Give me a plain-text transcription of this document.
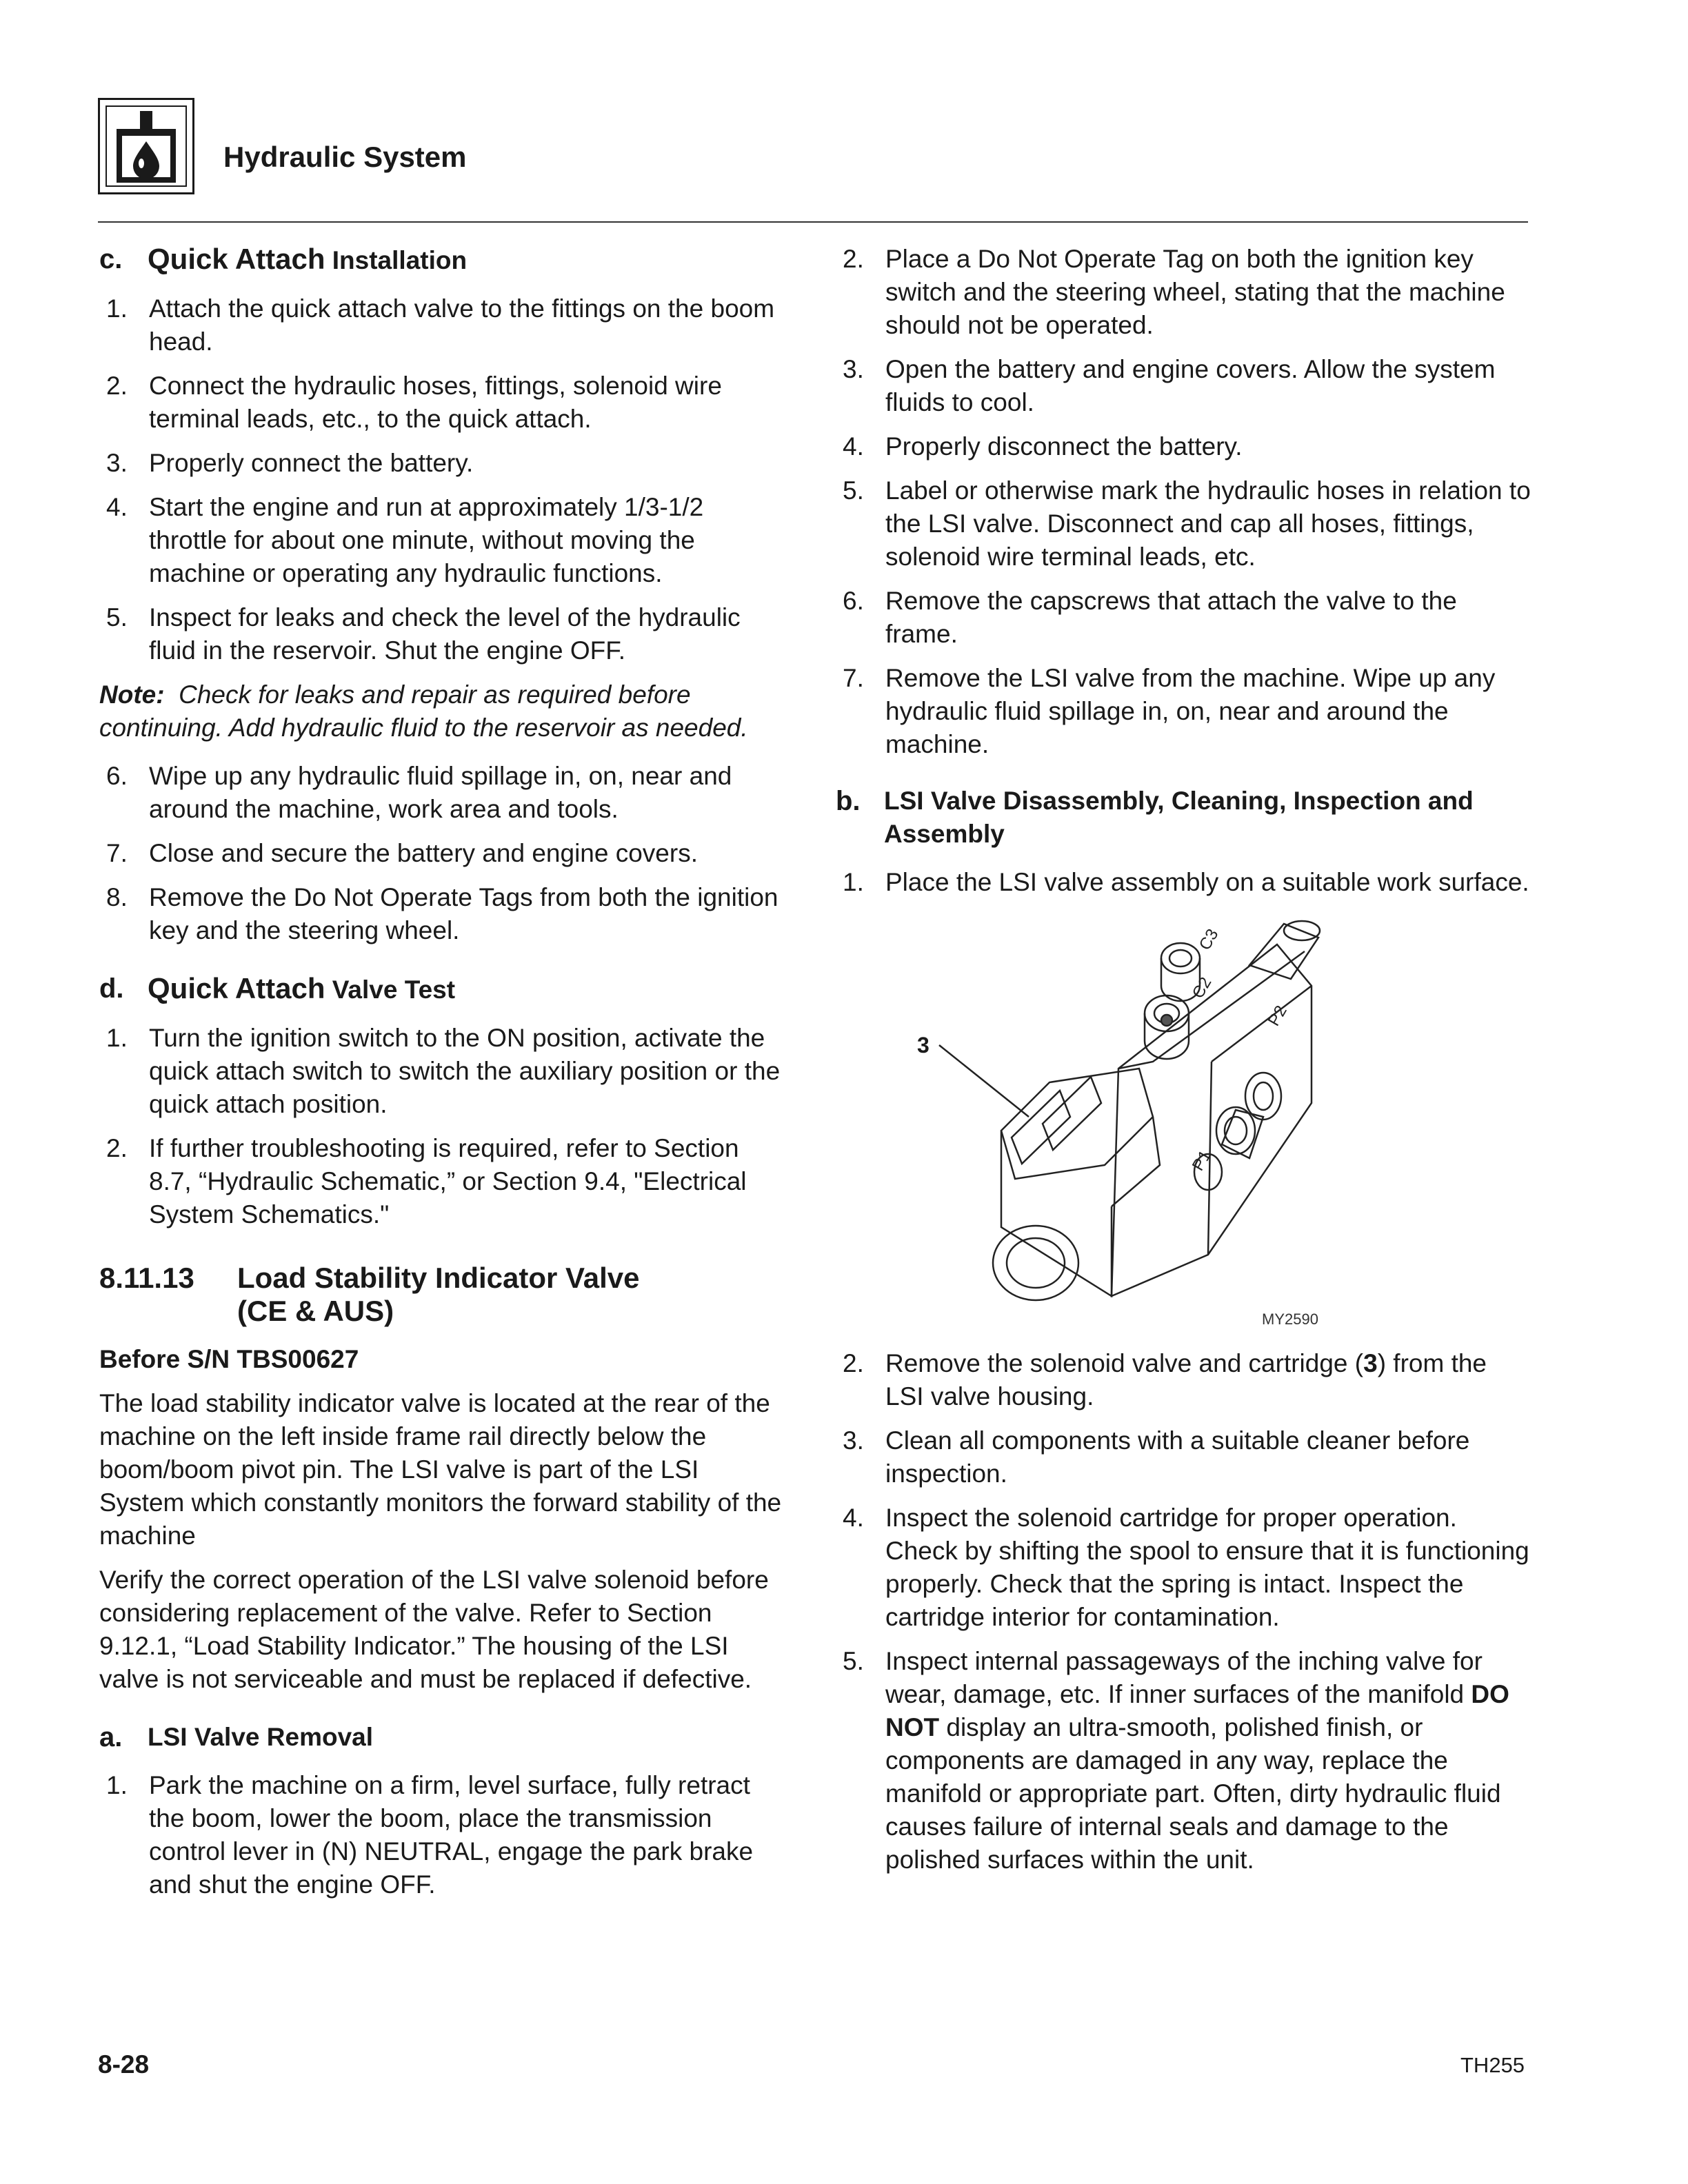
Hydraulic System
c. Quick Attach Installation
1. Attach the quick attach valve to the fittings on the boom head.
2. Connect the hydraulic hoses, fittings, solenoid wire terminal leads, etc., to the quick attach.
3. Properly connect the battery.
4. Start the engine and run at approximately 1/3-1/2 throttle for about one minute, without moving the machine or operating any hydraulic functions.
5. Inspect for leaks and check the level of the hydraulic fluid in the reservoir. Shut the engine OFF.
Note: Check for leaks and repair as required before continuing. Add hydraulic fluid to the reservoir as needed.
6. Wipe up any hydraulic fluid spillage in, on, near and around the machine, work area and tools.
7. Close and secure the battery and engine covers.
8. Remove the Do Not Operate Tags from both the ignition key and the steering wheel.
d. Quick Attach Valve Test
1. Turn the ignition switch to the ON position, activate the quick attach switch to switch the auxiliary position or the quick attach position.
2. If further troubleshooting is required, refer to Section 8.7, “Hydraulic Schematic,” or Section 9.4, "Electrical System Schematics."
8.11.13	Load Stability Indicator Valve
(CE & AUS)
Before S/N TBS00627

The load stability indicator valve is located at the rear of the machine on the left inside frame rail directly below the boom/boom pivot pin. The LSI valve is part of the LSI System which constantly monitors the forward stability of the machine

Verify the correct operation of the LSI valve solenoid before considering replacement of the valve. Refer to Section 9.12.1, “Load Stability Indicator.” The housing of the LSI valve is not serviceable and must be replaced if defective.

a. LSI Valve Removal
1. Park the machine on a firm, level surface, fully retract the boom, lower the boom, place the transmission control lever in (N) NEUTRAL, engage the park brake and shut the engine OFF.
2. Place a Do Not Operate Tag on both the ignition key switch and the steering wheel, stating that the machine should not be operated.
3. Open the battery and engine covers. Allow the system fluids to cool.
4. Properly disconnect the battery.
5. Label or otherwise mark the hydraulic hoses in relation to the LSI valve. Disconnect and cap all hoses, fittings, solenoid wire terminal leads, etc.
6. Remove the capscrews that attach the valve to the frame.
7. Remove the LSI valve from the machine. Wipe up any hydraulic fluid spillage in, on, near and around the machine.
b. LSI Valve Disassembly, Cleaning, Inspection and Assembly
1. Place the LSI valve assembly on a suitable work surface.
C3
C2
P2
P1
3
MY2590
2. Remove the solenoid valve and cartridge (3) from the LSI valve housing.
3. Clean all components with a suitable cleaner before inspection.
4. Inspect the solenoid cartridge for proper operation. Check by shifting the spool to ensure that it is functioning properly. Check that the spring is intact. Inspect the cartridge interior for contamination.
5. Inspect internal passageways of the inching valve for wear, damage, etc. If inner surfaces of the manifold DO NOT display an ultra-smooth, polished finish, or components are damaged in any way, replace the manifold or appropriate part. Often, dirty hydraulic fluid causes failure of internal seals and damage to the polished surfaces within the unit.
8-28	TH255
